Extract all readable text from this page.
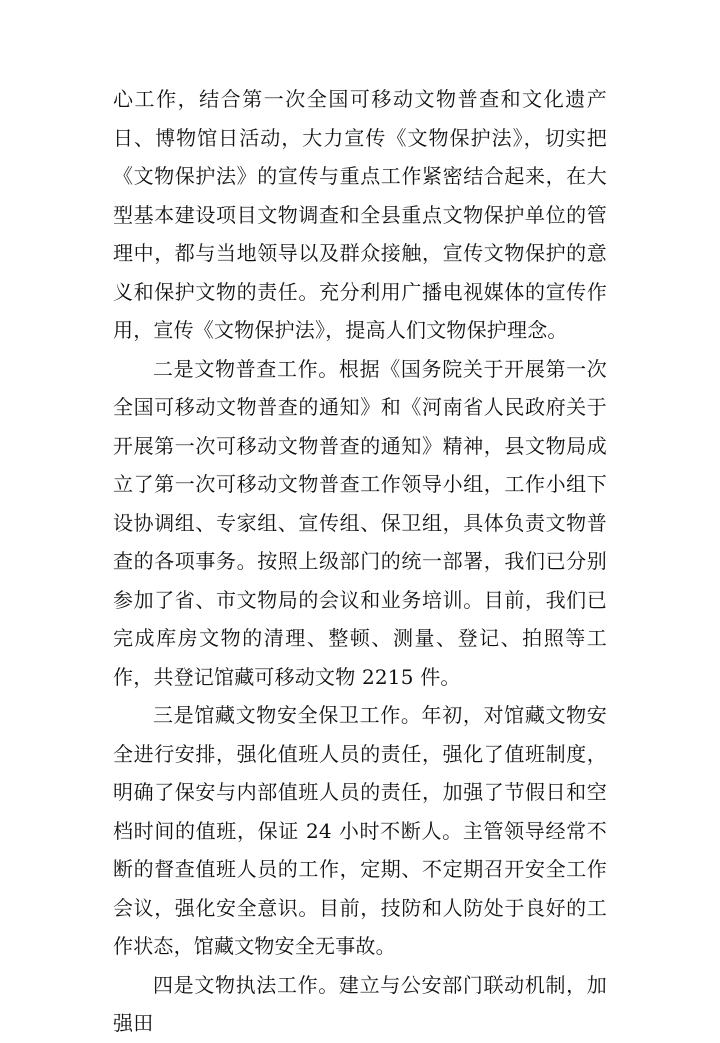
心工作，结合第一次全国可移动文物普查和文化遗产日、博物馆日活动，大力宣传《文物保护法》，切实把《文物保护法》的宣传与重点工作紧密结合起来，在大型基本建设项目文物调查和全县重点文物保护单位的管理中，都与当地领导以及群众接触，宣传文物保护的意义和保护文物的责任。充分利用广播电视媒体的宣传作用，宣传《文物保护法》，提高人们文物保护理念。

二是文物普查工作。根据《国务院关于开展第一次全国可移动文物普查的通知》和《河南省人民政府关于开展第一次可移动文物普查的通知》精神，县文物局成立了第一次可移动文物普查工作领导小组，工作小组下设协调组、专家组、宣传组、保卫组，具体负责文物普查的各项事务。按照上级部门的统一部署，我们已分别参加了省、市文物局的会议和业务培训。目前，我们已完成库房文物的清理、整顿、测量、登记、拍照等工作，共登记馆藏可移动文物 2215 件。

三是馆藏文物安全保卫工作。年初，对馆藏文物安全进行安排，强化值班人员的责任，强化了值班制度，明确了保安与内部值班人员的责任，加强了节假日和空档时间的值班，保证 24 小时不断人。主管领导经常不断的督查值班人员的工作，定期、不定期召开安全工作会议，强化安全意识。目前，技防和人防处于良好的工作状态，馆藏文物安全无事故。

四是文物执法工作。建立与公安部门联动机制，加强田
